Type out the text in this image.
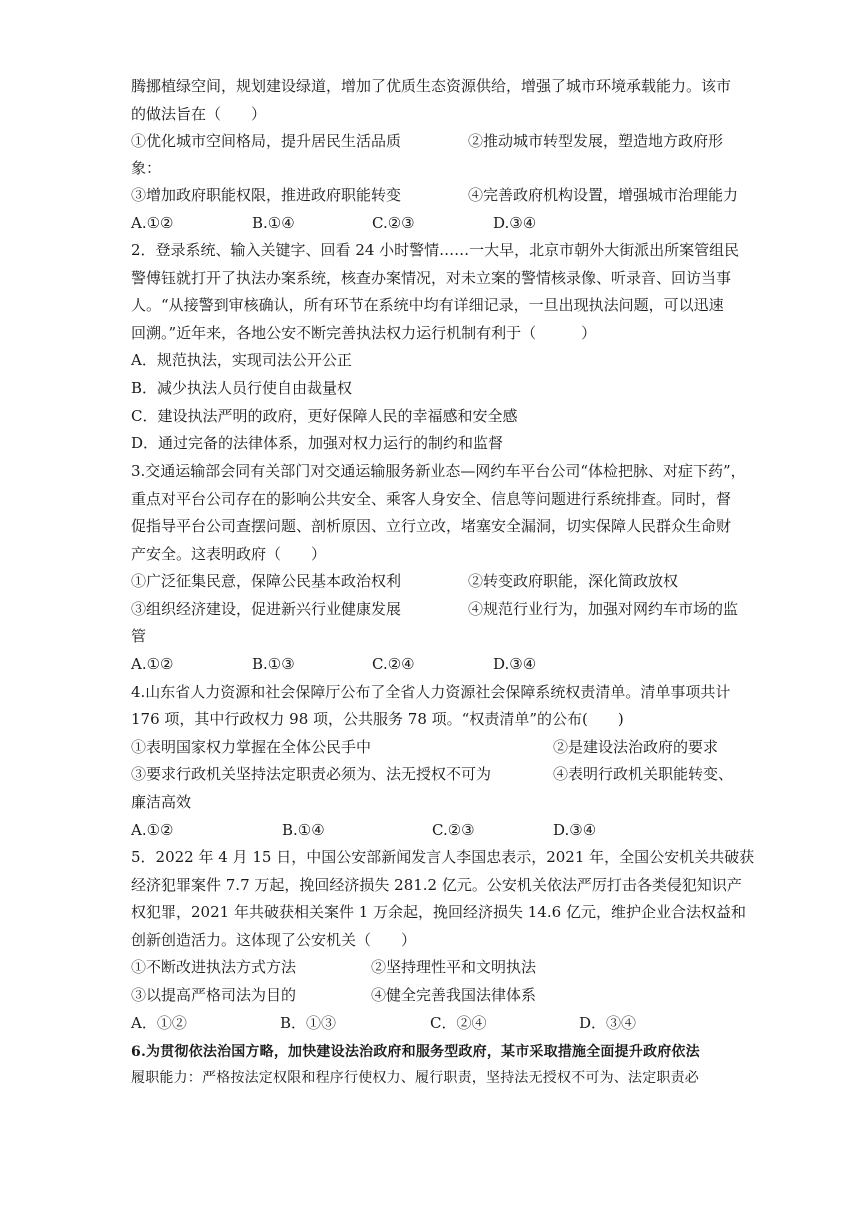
腾挪植绿空间，规划建设绿道，增加了优质生态资源供给，增强了城市环境承载能力。该市
的做法旨在（　　）
①优化城市空间格局，提升居民生活品质	②推动城市转型发展，塑造地方政府形
象：
③增加政府职能权限，推进政府职能转变	④完善政府机构设置，增强城市治理能力
A.①②	B.①④	C.②③	D.③④
2．登录系统、输入关键字、回看 24 小时警情……一大早，北京市朝外大街派出所案管组民
警傅钰就打开了执法办案系统，核查办案情况，对未立案的警情核录像、听录音、回访当事
人。“从接警到审核确认，所有环节在系统中均有详细记录，一旦出现执法问题，可以迅速
回溯。”近年来，各地公安不断完善执法权力运行机制有利于（　　　）
A．规范执法，实现司法公开公正
B．减少执法人员行使自由裁量权
C．建设执法严明的政府，更好保障人民的幸福感和安全感
D．通过完备的法律体系，加强对权力运行的制约和监督
3.交通运输部会同有关部门对交通运输服务新业态—网约车平台公司“体检把脉、对症下药”，
重点对平台公司存在的影响公共安全、乘客人身安全、信息等问题进行系统排查。同时，督
促指导平台公司查摆问题、剖析原因、立行立改，堵塞安全漏洞，切实保障人民群众生命财
产安全。这表明政府（　　）
①广泛征集民意，保障公民基本政治权利	②转变政府职能，深化简政放权
③组织经济建设，促进新兴行业健康发展	④规范行业行为，加强对网约车市场的监
管
A.①②	B.①③	C.②④	D.③④
4.山东省人力资源和社会保障厅公布了全省人力资源社会保障系统权责清单。清单事项共计
176 项，其中行政权力 98 项，公共服务 78 项。“权责清单”的公布(　　)
①表明国家权力掌握在全体公民手中	②是建设法治政府的要求
③要求行政机关坚持法定职责必须为、法无授权不可为	④表明行政机关职能转变、
廉洁高效
A.①②	B.①④	C.②③	D.③④
5．2022 年 4 月 15 日，中国公安部新闻发言人李国忠表示，2021 年，全国公安机关共破获
经济犯罪案件 7.7 万起，挽回经济损失 281.2 亿元。公安机关依法严厉打击各类侵犯知识产
权犯罪，2021 年共破获相关案件 1 万余起，挽回经济损失 14.6 亿元，维护企业合法权益和
创新创造活力。这体现了公安机关（　　）
①不断改进执法方式方法	②坚持理性平和文明执法
③以提高严格司法为目的	④健全完善我国法律体系
A．①②	B．①③	C．②④	D．③④
6.为贯彻依法治国方略，加快建设法治政府和服务型政府，某市采取措施全面提升政府依法
履职能力：严格按法定权限和程序行使权力、履行职责，坚持法无授权不可为、法定职责必
